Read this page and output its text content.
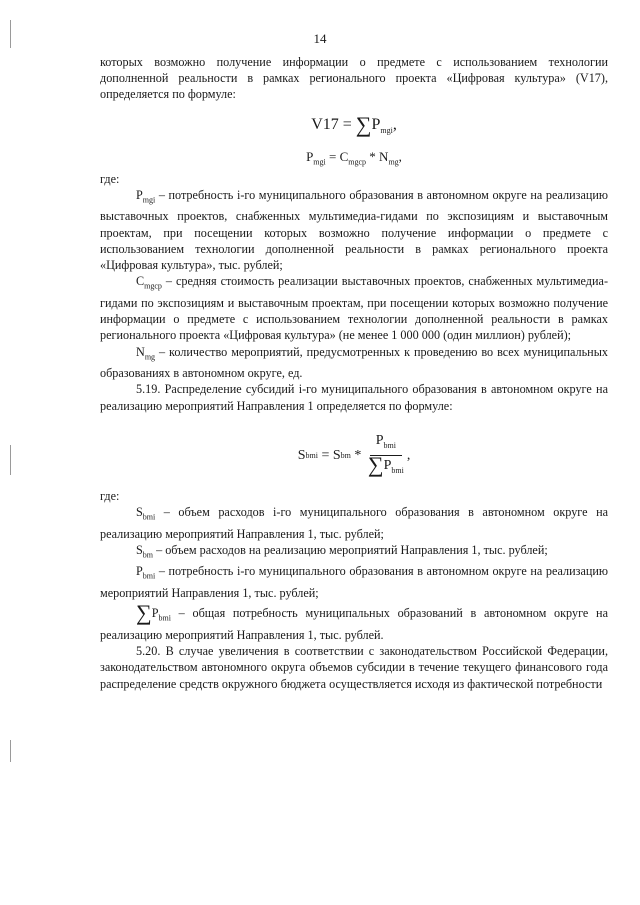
14

которых возможно получение информации о предмете с использованием технологии дополненной реальности в рамках регионального проекта «Цифровая культура» (V17), определяется по формуле:

$V17 = \sum P_{mgi}$,
$P_{mgi} = C_{mgcp} * N_{mg}$,

где:

$P_{mgi}$ – потребность i-го муниципального образования в автономном округе на реализацию выставочных проектов, снабженных мультимедиа-гидами по экспозициям и выставочным проектам, при посещении которых возможно получение информации о предмете с использованием технологии дополненной реальности в рамках регионального проекта «Цифровая культура», тыс. рублей;

$C_{mgcp}$ – средняя стоимость реализации выставочных проектов, снабженных мультимедиа-гидами по экспозициям и выставочным проектам, при посещении которых возможно получение информации о предмете с использованием технологии дополненной реальности в рамках регионального проекта «Цифровая культура» (не менее 1 000 000 (один миллион) рублей);

$N_{mg}$ – количество мероприятий, предусмотренных к проведению во всех муниципальных образованиях в автономном округе, ед.

5.19. Распределение субсидий i-го муниципального образования в автономном округе на реализацию мероприятий Направления 1 определяется по формуле:

S bmi = S bm * $\frac{P_{bmi}}{\sum P_{bmi}}$ ,

где:

$S_{bmi}$ – объем расходов i-го муниципального образования в автономном округе на реализацию мероприятий Направления 1, тыс. рублей;

$S_{bm}$ – объем расходов на реализацию мероприятий Направления 1, тыс. рублей;

$P_{bmi}$ – потребность i-го муниципального образования в автономном округе на реализацию мероприятий Направления 1, тыс. рублей;

$\sum P_{bmi}$ – общая потребность муниципальных образований в автономном округе на реализацию мероприятий Направления 1, тыс. рублей.

5.20. В случае увеличения в соответствии с законодательством Российской Федерации, законодательством автономного округа объемов субсидии в течение текущего финансового года распределение средств окружного бюджета осуществляется исходя из фактической потребности
